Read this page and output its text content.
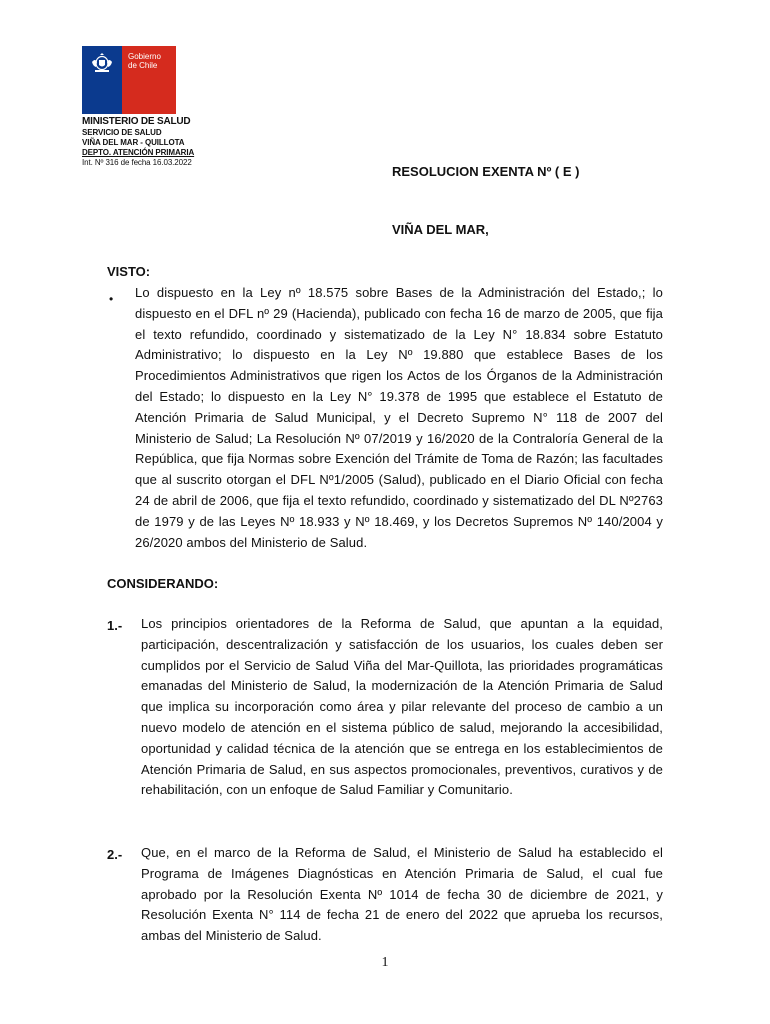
Gobierno
de Chile
MINISTERIO DE SALUD
SERVICIO DE SALUD
VIÑA DEL MAR - QUILLOTA
DEPTO. ATENCIÓN PRIMARIA
Int. Nº 316 de fecha 16.03.2022
RESOLUCION EXENTA Nº ( E )
VIÑA DEL MAR,
VISTO:
• Lo dispuesto en la Ley nº 18.575 sobre Bases de la Administración del Estado,; lo dispuesto en el DFL nº 29 (Hacienda), publicado con fecha 16 de marzo de 2005, que fija el texto refundido, coordinado y sistematizado de la Ley N° 18.834 sobre Estatuto Administrativo; lo dispuesto en la Ley Nº 19.880 que establece Bases de los Procedimientos Administrativos que rigen los Actos de los Órganos de la Administración del Estado; lo dispuesto en la Ley N° 19.378 de 1995 que establece el Estatuto de Atención Primaria de Salud Municipal, y el Decreto Supremo N° 118 de 2007 del Ministerio de Salud; La Resolución Nº 07/2019 y 16/2020 de la Contraloría General de la República, que fija Normas sobre Exención del Trámite de Toma de Razón; las facultades que al suscrito otorgan el DFL Nº1/2005 (Salud), publicado en el Diario Oficial con fecha 24 de abril de 2006, que fija el texto refundido, coordinado y sistematizado del DL Nº2763 de 1979 y de las Leyes Nº 18.933 y Nº 18.469, y los Decretos Supremos Nº 140/2004 y 26/2020 ambos del Ministerio de Salud.
CONSIDERANDO:
1.- Los principios orientadores de la Reforma de Salud, que apuntan a la equidad, participación, descentralización y satisfacción de los usuarios, los cuales deben ser cumplidos por el Servicio de Salud Viña del Mar-Quillota, las prioridades programáticas emanadas del Ministerio de Salud, la modernización de la Atención Primaria de Salud que implica su incorporación como área y pilar relevante del proceso de cambio a un nuevo modelo de atención en el sistema público de salud, mejorando la accesibilidad, oportunidad y calidad técnica de la atención que se entrega en los establecimientos de Atención Primaria de Salud, en sus aspectos promocionales, preventivos, curativos y de rehabilitación, con un enfoque de Salud Familiar y Comunitario.
2.- Que, en el marco de la Reforma de Salud, el Ministerio de Salud ha establecido el Programa de Imágenes Diagnósticas en Atención Primaria de Salud, el cual fue aprobado por la Resolución Exenta Nº 1014 de fecha 30 de diciembre de 2021, y Resolución Exenta N° 114 de fecha 21 de enero del 2022 que aprueba los recursos, ambas del Ministerio de Salud.
1
